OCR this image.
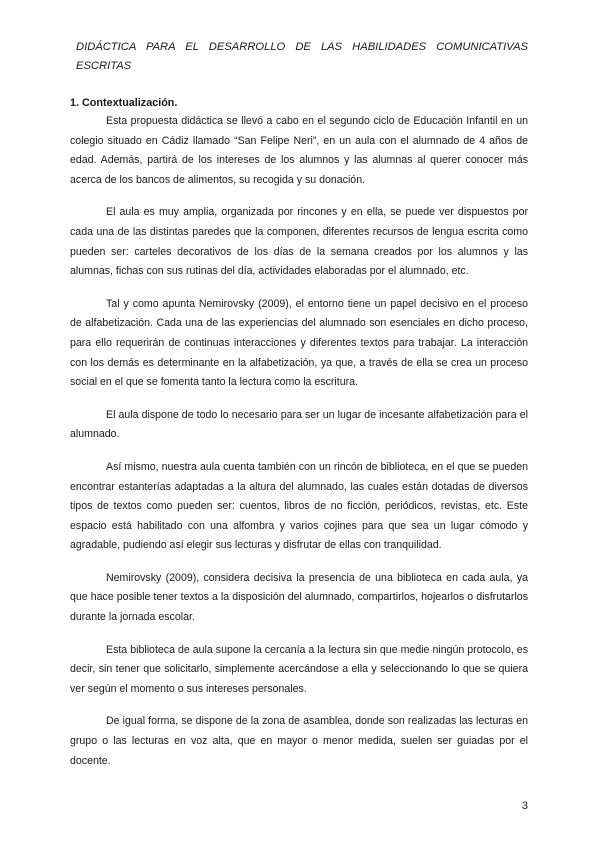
DIDÁCTICA PARA EL DESARROLLO DE LAS HABILIDADES COMUNICATIVAS
ESCRITAS

1. Contextualización.

Esta propuesta didáctica se llevó a cabo en el segundo ciclo de Educación Infantil en un colegio situado en Cádiz llamado “San Felipe Neri”, en un aula con el alumnado de 4 años de edad. Además, partirá de los intereses de los alumnos y las alumnas al querer conocer más acerca de los bancos de alimentos, su recogida y su donación.

El aula es muy amplia, organizada por rincones y en ella, se puede ver dispuestos por cada una de las distintas paredes que la componen, diferentes recursos de lengua escrita como pueden ser: carteles decorativos de los días de la semana creados por los alumnos y las alumnas, fichas con sus rutinas del día, actividades elaboradas por el alumnado, etc.

Tal y como apunta Nemirovsky (2009), el entorno tiene un papel decisivo en el proceso de alfabetización. Cada una de las experiencias del alumnado son esenciales en dicho proceso, para ello requerirán de continuas interacciones y diferentes textos para trabajar. La interacción con los demás es determinante en la alfabetización, ya que, a través de ella se crea un proceso social en el que se fomenta tanto la lectura como la escritura.

El aula dispone de todo lo necesario para ser un lugar de incesante alfabetización para el alumnado.

Así mismo, nuestra aula cuenta también con un rincón de biblioteca, en el que se pueden encontrar estanterías adaptadas a la altura del alumnado, las cuales están dotadas de diversos tipos de textos como pueden ser: cuentos, libros de no ficción, periódicos, revistas, etc. Este espacio está habilitado con una alfombra y varios cojines para que sea un lugar cómodo y agradable, pudiendo así elegir sus lecturas y disfrutar de ellas con tranquilidad.

Nemirovsky (2009), considera decisiva la presencia de una biblioteca en cada aula, ya que hace posible tener textos a la disposición del alumnado, compartirlos, hojearlos o disfrutarlos durante la jornada escolar.

Esta biblioteca de aula supone la cercanía a la lectura sin que medie ningún protocolo, es decir, sin tener que solicitarlo, simplemente acercándose a ella y seleccionando lo que se quiera ver según el momento o sus intereses personales.

De igual forma, se dispone de la zona de asamblea, donde son realizadas las lecturas en grupo o las lecturas en voz alta, que en mayor o menor medida, suelen ser guiadas por el docente.

3
